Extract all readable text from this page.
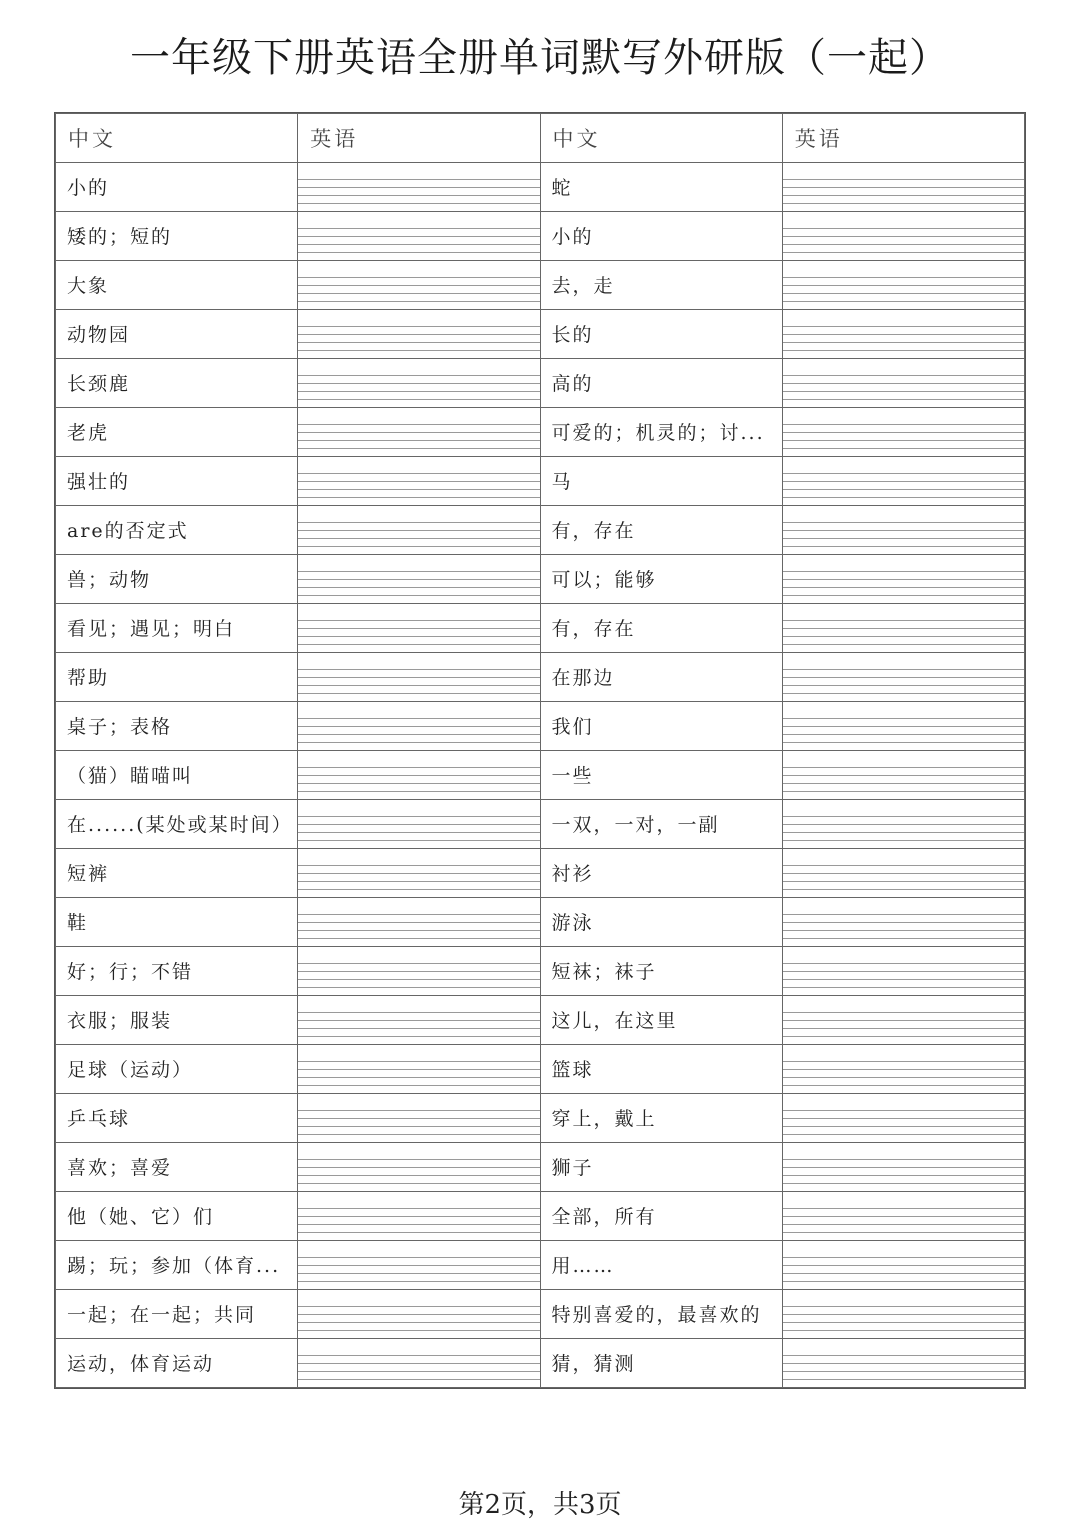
一年级下册英语全册单词默写外研版（一起）
中文	英语	中文	英语
小的		蛇	
矮的；短的		小的	
大象		去，走	
动物园		长的	
长颈鹿		高的	
老虎		可爱的；机灵的；讨...	
强壮的		马	
are的否定式		有，存在	
兽；动物		可以；能够	
看见；遇见；明白		有，存在	
帮助		在那边	
桌子；表格		我们	
（猫）瞄喵叫		一些	
在......(某处或某时间）		一双，一对，一副	
短裤		衬衫	
鞋		游泳	
好；行；不错		短袜；袜子	
衣服；服装		这儿，在这里	
足球（运动）		篮球	
乒乓球		穿上，戴上	
喜欢；喜爱		狮子	
他（她、它）们		全部，所有	
踢；玩；参加（体育...		用……	
一起；在一起；共同		特别喜爱的，最喜欢的	
运动，体育运动		猜，猜测	
第2页，共3页
